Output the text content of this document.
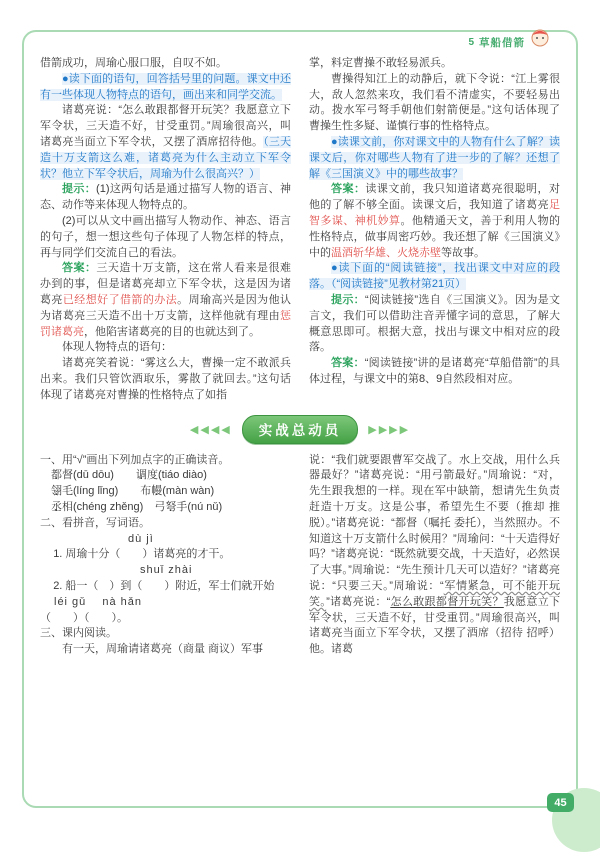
5 草船借箭
借箭成功，周瑜心服口服，自叹不如。
●读下面的语句，回答括号里的问题。课文中还有一些体现人物特点的语句，画出来和同学交流。
诸葛亮说：“怎么敢跟都督开玩笑？我愿意立下军令状，三天造不好，甘受重罚。”周瑜很高兴，叫诸葛亮当面立下军令状，又摆了酒席招待他。（三天造十万支箭这么难，诸葛亮为什么主动立下军令状？他立下军令状后，周瑜为什么很高兴？）
提示：(1)这两句话是通过描写人物的语言、神态、动作等来体现人物特点的。
(2)可以从文中画出描写人物动作、神态、语言的句子，想一想这些句子体现了人物怎样的特点，再与同学们交流自己的看法。
答案：三天造十万支箭，这在常人看来是很难办到的事，但是诸葛亮却立下军令状，这是因为诸葛亮已经想好了借箭的办法。周瑜高兴是因为他认为诸葛亮三天造不出十万支箭，这样他就有理由惩罚诸葛亮，他陷害诸葛亮的目的也就达到了。
体现人物特点的语句：
诸葛亮笑着说：“雾这么大，曹操一定不敢派兵出来。我们只管饮酒取乐，雾散了就回去。”这句话体现了诸葛亮对曹操的性格特点了如指
掌，料定曹操不敢轻易派兵。
曹操得知江上的动静后，就下令说：“江上雾很大，敌人忽然来攻，我们看不清虚实，不要轻易出动。拨水军弓弩手朝他们射箭便是。”这句话体现了曹操生性多疑、谨慎行事的性格特点。
●读课文前，你对课文中的人物有什么了解？读课文后，你对哪些人物有了进一步的了解？还想了解《三国演义》中的哪些故事？
答案：读课文前，我只知道诸葛亮很聪明，对他的了解不够全面。读课文后，我知道了诸葛亮足智多谋、神机妙算。他精通天文，善于利用人物的性格特点，做事周密巧妙。我还想了解《三国演义》中的温酒斩华雄、火烧赤壁等故事。
●读下面的“阅读链接”，找出课文中对应的段落。（“阅读链接”见教材第21页）
提示：“阅读链接”选自《三国演义》。因为是文言文，我们可以借助注音弄懂字词的意思，了解大概意思即可。根据大意，找出与课文中相对应的段落。
答案：“阅读链接”讲的是诸葛亮“草船借箭”的具体过程，与课文中的第8、9自然段相对应。
◀◀◀◀	实战总动员	▶▶▶▶
一、用“√”画出下列加点字的正确读音。
都督(dū dōu)　　调度(tiáo diào)
翎毛(líng lǐng)　　布幔(màn wàn)
丞相(chéng zhěng)　弓弩手(nú nǔ)
二、看拼音，写词语。
dù jì
1. 周瑜十分（　　）诸葛亮的才干。
shuǐ zhài
2. 船一（　）到（　　）附近，军士们就开始
léi gǔ　 nà hǎn
（　　）（　　）。
三、课内阅读。
有一天，周瑜请诸葛亮（商量 商议）军事
说：“我们就要跟曹军交战了。水上交战，用什么兵器最好？”诸葛亮说：“用弓箭最好。”周瑜说：“对，先生跟我想的一样。现在军中缺箭，想请先生负责赶造十万支。这是公事，希望先生不要（推却 推脱）。”诸葛亮说：“都督（嘱托 委托），当然照办。不知道这十万支箭什么时候用？”周瑜问：“十天造得好吗？”诸葛亮说：“既然就要交战，十天造好，必然误了大事。”周瑜说：“先生预计几天可以造好？”诸葛亮说：“只要三天。”周瑜说：“军情紧急，可不能开玩笑。”诸葛亮说：“怎么敢跟都督开玩笑？我愿意立下军令状，三天造不好，甘受重罚。”周瑜很高兴，叫诸葛亮当面立下军令状，又摆了酒席（招待 招呼）他。诸葛
45
